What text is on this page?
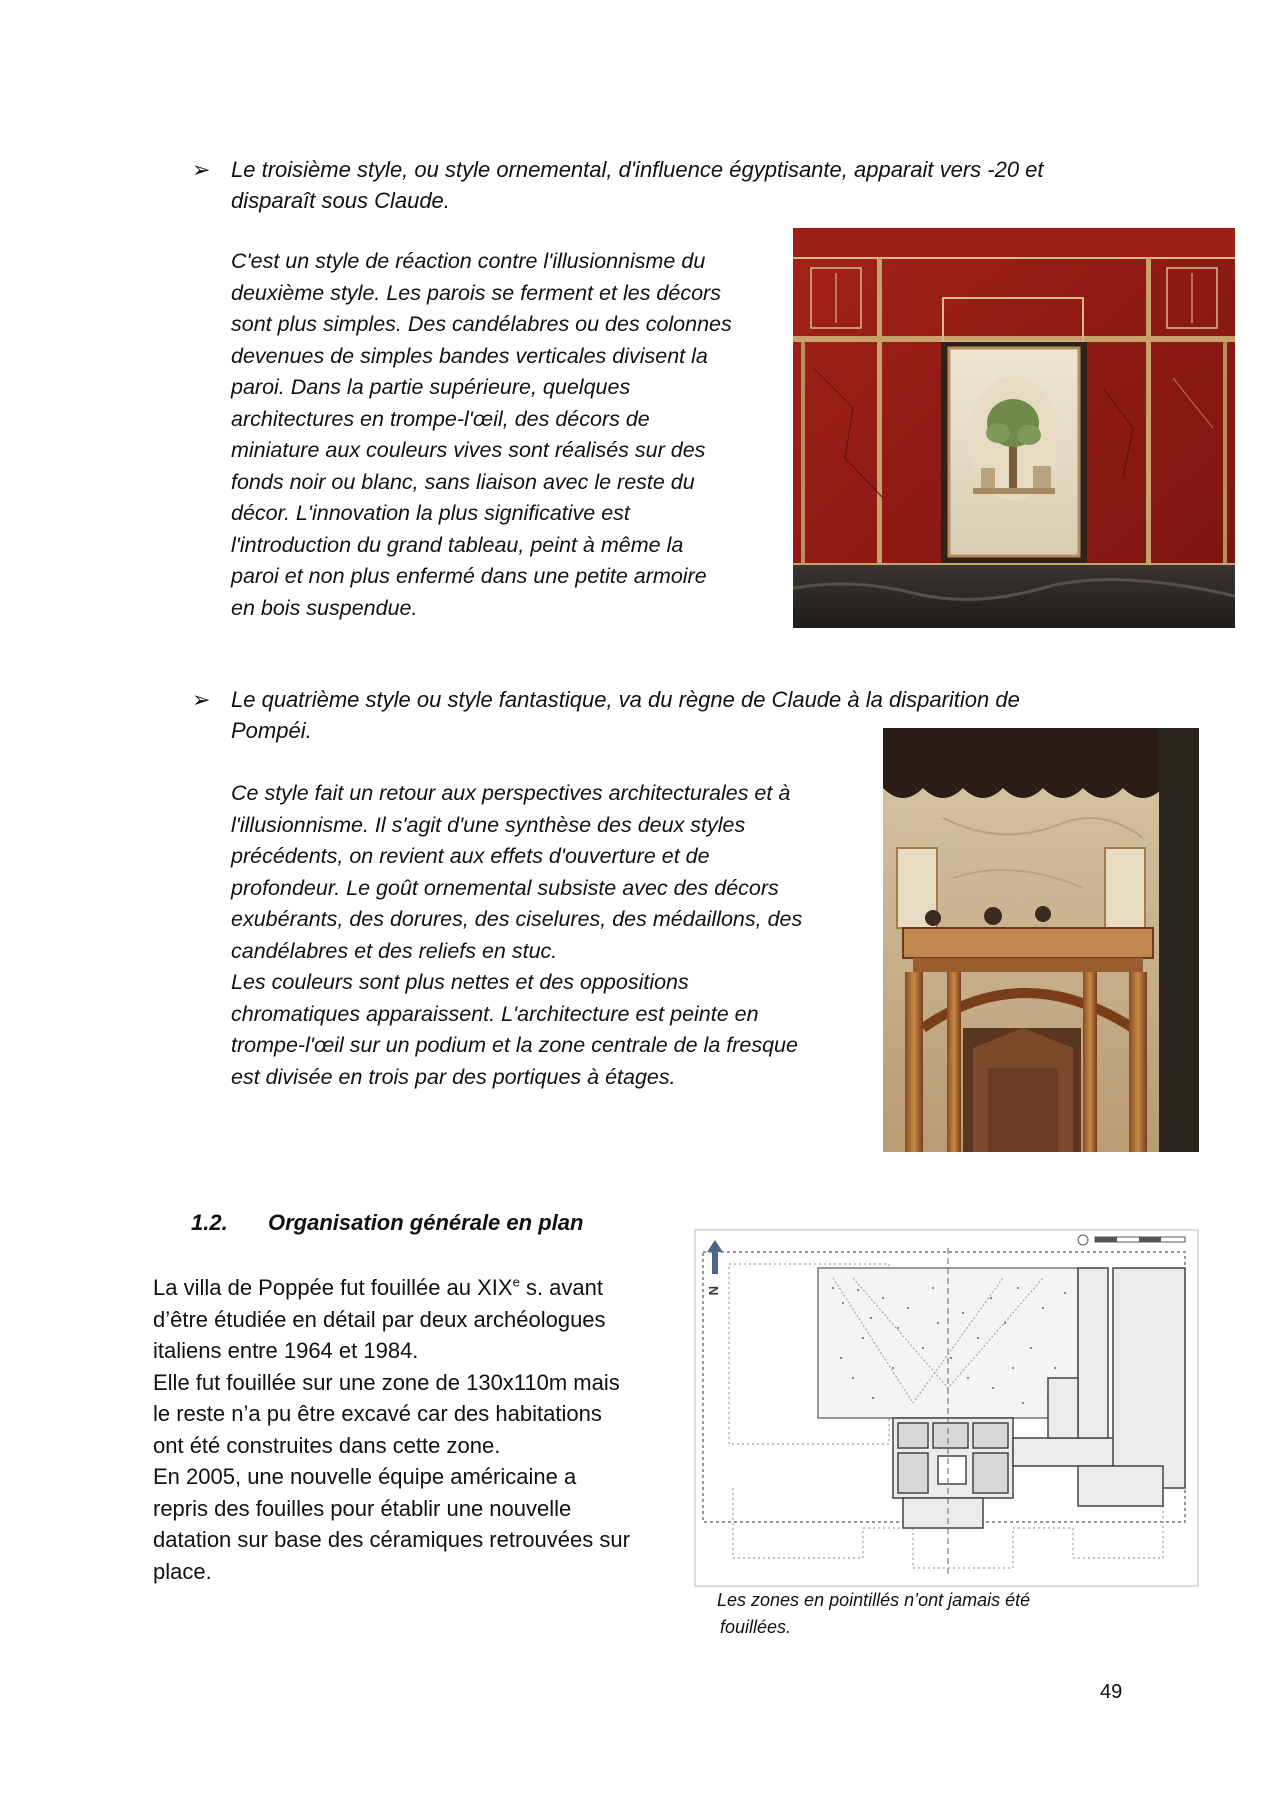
➢ Le troisième style, ou style ornemental, d'influence égyptisante, apparait vers -20 et
disparaît sous Claude.
C'est un style de réaction contre l'illusionnisme du
deuxième style. Les parois se ferment et les décors
sont plus simples. Des candélabres ou des colonnes
devenues de simples bandes verticales divisent la
paroi. Dans la partie supérieure, quelques
architectures en trompe-l'œil, des décors de
miniature aux couleurs vives sont réalisés sur des
fonds noir ou blanc, sans liaison avec le reste du
décor. L'innovation la plus significative est
l'introduction du grand tableau, peint à même la
paroi et non plus enfermé dans une petite armoire
en bois suspendue.
➢ Le quatrième style ou style fantastique, va du règne de Claude à la disparition de
Pompéi.
Ce style fait un retour aux perspectives architecturales et à
l'illusionnisme. Il s'agit d'une synthèse des deux styles
précédents, on revient aux effets d'ouverture et de
profondeur. Le goût ornemental subsiste avec des décors
exubérants, des dorures, des ciselures, des médaillons, des
candélabres et des reliefs en stuc.
Les couleurs sont plus nettes et des oppositions
chromatiques apparaissent. L'architecture est peinte en
trompe-l'œil sur un podium et la zone centrale de la fresque
est divisée en trois par des portiques à étages.
1.2. Organisation générale en plan
La villa de Poppée fut fouillée au XIXe s. avant
d’être étudiée en détail par deux archéologues
italiens entre 1964 et 1984.
Elle fut fouillée sur une zone de 130x110m mais
le reste n’a pu être excavé car des habitations
ont été construites dans cette zone.
En 2005, une nouvelle équipe américaine a
repris des fouilles pour établir une nouvelle
datation sur base des céramiques retrouvées sur
place.
N
Les zones en pointillés n’ont jamais été
fouillées.
49
